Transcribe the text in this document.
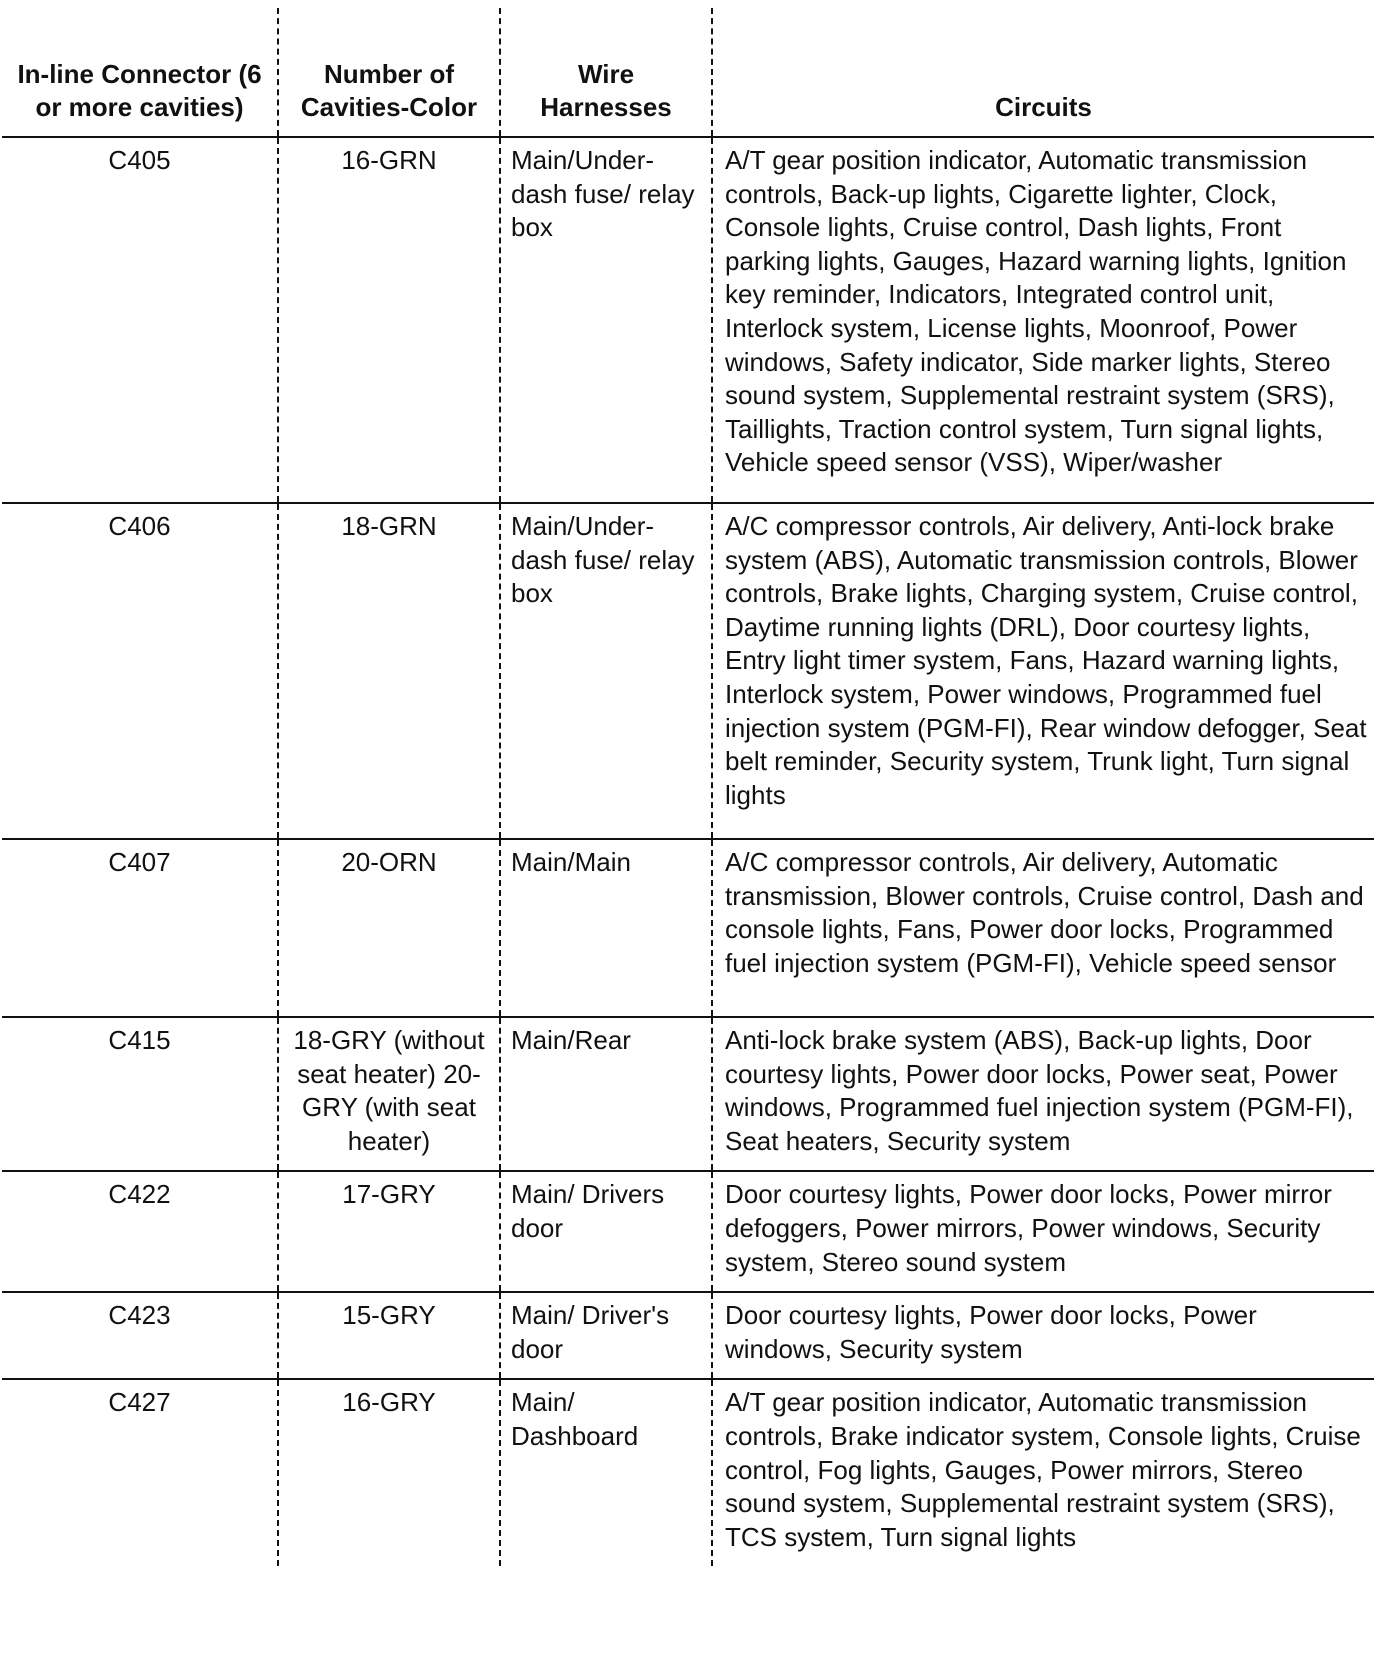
In-line Connector (6 or more cavities)	Number of Cavities-Color	Wire Harnesses	Circuits
C405	16-GRN	Main/Under-dash fuse/ relay box	A/T gear position indicator, Automatic transmission controls, Back-up lights, Cigarette lighter, Clock, Console lights, Cruise control, Dash lights, Front parking lights, Gauges, Hazard warning lights, Ignition key reminder, Indicators, Integrated control unit, Interlock system, License lights, Moonroof, Power windows, Safety indicator, Side marker lights, Stereo sound system, Supplemental restraint system (SRS), Taillights, Traction control system, Turn signal lights, Vehicle speed sensor (VSS), Wiper/washer
C406	18-GRN	Main/Under-dash fuse/ relay box	A/C compressor controls, Air delivery, Anti-lock brake system (ABS), Automatic transmission controls, Blower controls, Brake lights, Charging system, Cruise control, Daytime running lights (DRL), Door courtesy lights, Entry light timer system, Fans, Hazard warning lights, Interlock system, Power windows, Programmed fuel injection system (PGM-FI), Rear window defogger, Seat belt reminder, Security system, Trunk light, Turn signal lights
C407	20-ORN	Main/Main	A/C compressor controls, Air delivery, Automatic transmission, Blower controls, Cruise control, Dash and console lights, Fans, Power door locks, Programmed fuel injection system (PGM-FI), Vehicle speed sensor
C415	18-GRY (without seat heater) 20-GRY (with seat heater)	Main/Rear	Anti-lock brake system (ABS), Back-up lights, Door courtesy lights, Power door locks, Power seat, Power windows, Programmed fuel injection system (PGM-FI), Seat heaters, Security system
C422	17-GRY	Main/ Drivers door	Door courtesy lights, Power door locks, Power mirror defoggers, Power mirrors, Power windows, Security system, Stereo sound system
C423	15-GRY	Main/ Driver's door	Door courtesy lights, Power door locks, Power windows, Security system
C427	16-GRY	Main/ Dashboard	A/T gear position indicator, Automatic transmission controls, Brake indicator system, Console lights, Cruise control, Fog lights, Gauges, Power mirrors, Stereo sound system, Supplemental restraint system (SRS), TCS system, Turn signal lights
